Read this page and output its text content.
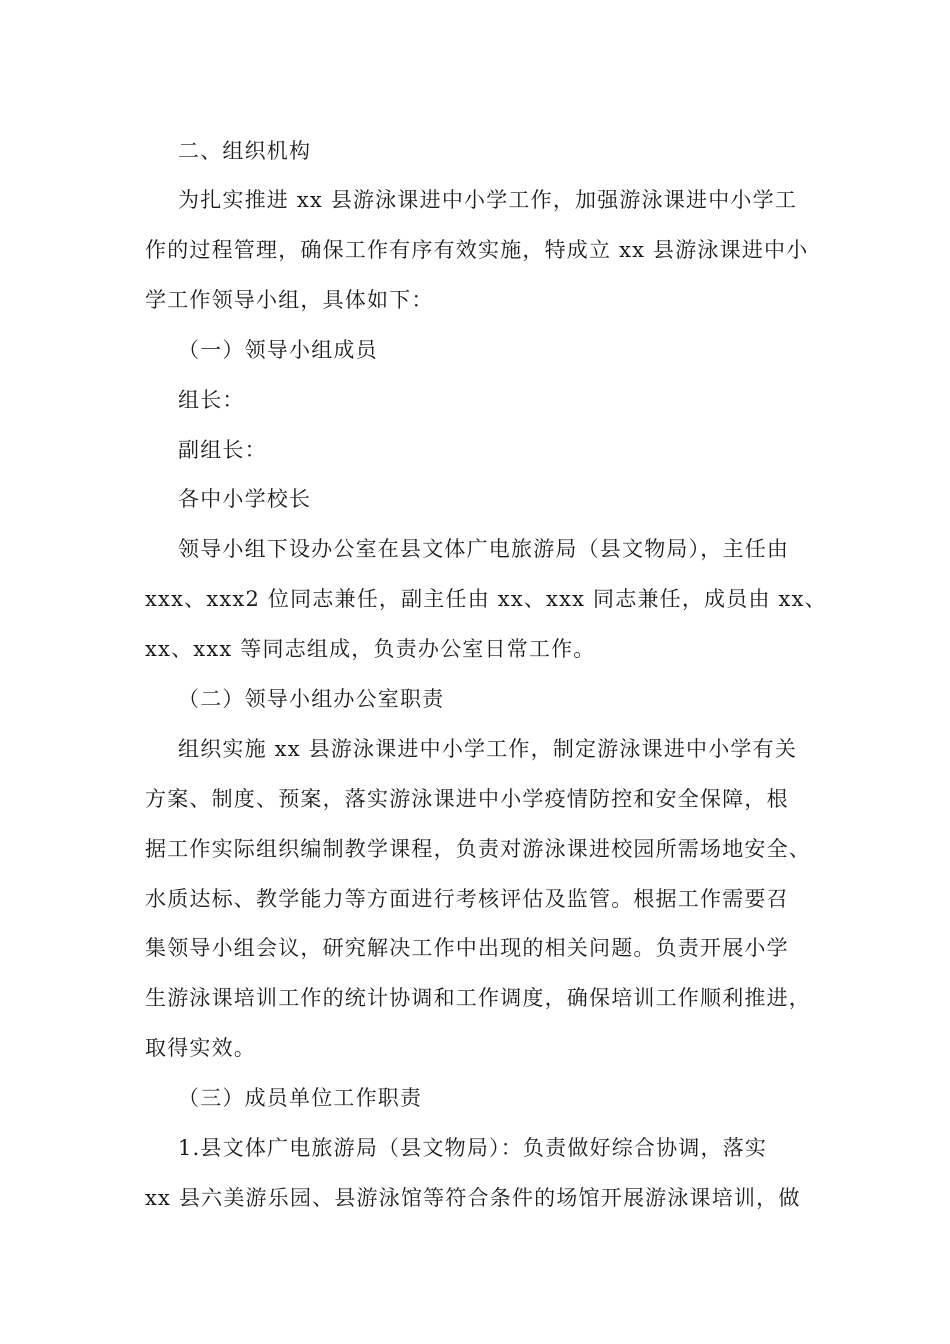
二、组织机构
为扎实推进 xx 县游泳课进中小学工作，加强游泳课进中小学工
作的过程管理，确保工作有序有效实施，特成立 xx 县游泳课进中小
学工作领导小组，具体如下：
（一）领导小组成员
组长：
副组长：
各中小学校长
领导小组下设办公室在县文体广电旅游局（县文物局），主任由
xxx、xxx2 位同志兼任，副主任由 xx、xxx 同志兼任，成员由 xx、
xx、xxx 等同志组成，负责办公室日常工作。
（二）领导小组办公室职责
组织实施 xx 县游泳课进中小学工作，制定游泳课进中小学有关
方案、制度、预案，落实游泳课进中小学疫情防控和安全保障，根
据工作实际组织编制教学课程，负责对游泳课进校园所需场地安全、
水质达标、教学能力等方面进行考核评估及监管。根据工作需要召
集领导小组会议，研究解决工作中出现的相关问题。负责开展小学
生游泳课培训工作的统计协调和工作调度，确保培训工作顺利推进，
取得实效。
（三）成员单位工作职责
1.县文体广电旅游局（县文物局）：负责做好综合协调，落实
xx 县六美游乐园、县游泳馆等符合条件的场馆开展游泳课培训，做
